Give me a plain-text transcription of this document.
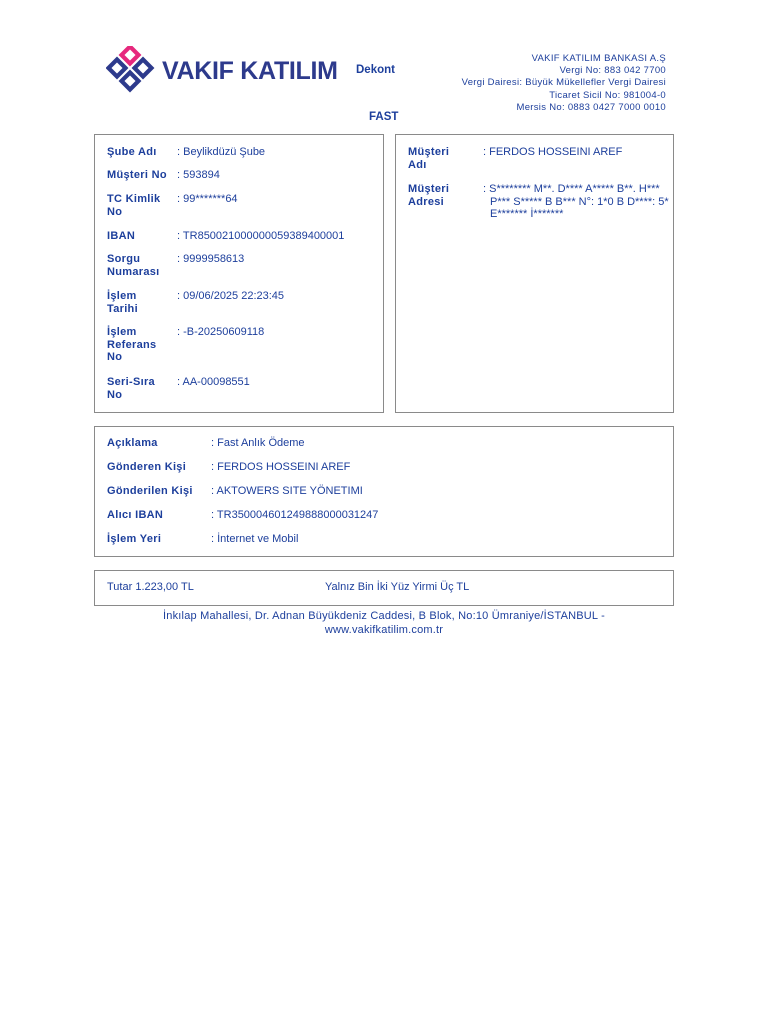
VAKIF KATILIM Dekont
VAKIF KATILIM BANKASI A.Ş
Vergi No: 883 042 7700
Vergi Dairesi: Büyük Mükellefler Vergi Dairesi
Ticaret Sicil No: 981004-0
Mersis No: 0883 0427 7000 0010
FAST
Şube Adı	: Beylikdüzü Şube
Müşteri No : 593894
TC Kimlik No
: 99*******64
IBAN	: TR850021000000059389400001
Sorgu Numarası
: 9999958613
İşlem Tarihi
: 09/06/2025 22:23:45
İşlem Referans No
: -B-20250609118
Seri-Sıra No
: AA-00098551
Müşteri Adı
: FERDOS HOSSEINI AREF
Müşteri Adresi
: S******** M**. D**** A***** B**. H*** P*** S***** B B*** N°: 1*0 B D****: 5* E******* İ*******
Açıklama	: Fast Anlık Ödeme
Gönderen Kişi	: FERDOS HOSSEINI AREF
Gönderilen Kişi	: AKTOWERS SITE YÖNETIMI
Alıcı IBAN	: TR350004601249888000031247
İşlem Yeri	: İnternet ve Mobil
Tutar 1.223,00 TL	Yalnız Bin İki Yüz Yirmi Üç TL
İnkılap Mahallesi, Dr. Adnan Büyükdeniz Caddesi, B Blok, No:10 Ümraniye/İSTANBUL -
www.vakifkatilim.com.tr
